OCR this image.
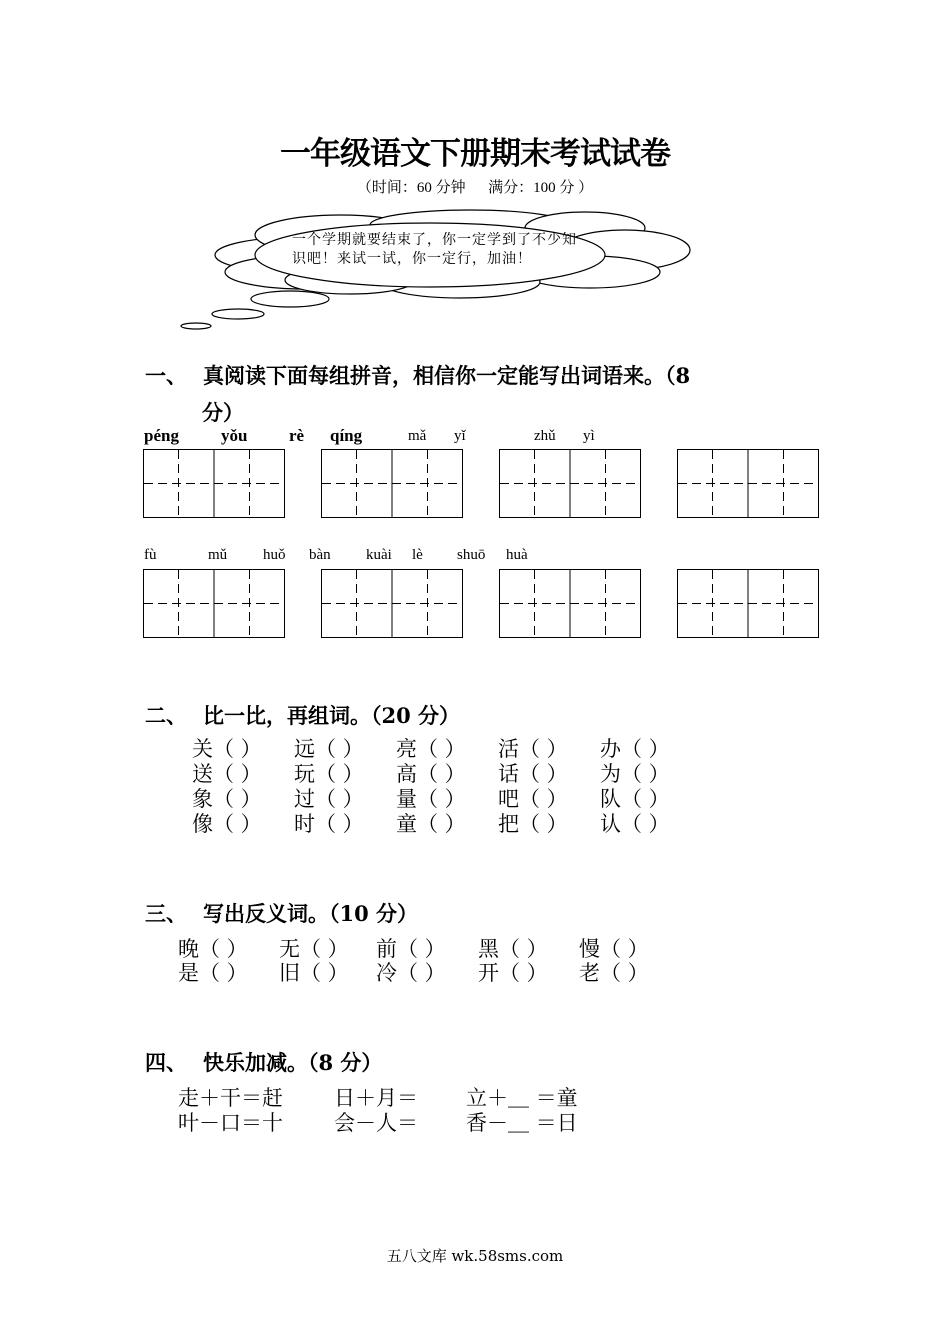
一年级语文下册期末考试试卷
（时间：60 分钟      满分：100 分 ）
一个学期就要结束了，你一定学到了不少知识吧！来试一试，你一定行，加油！
一、 真阅读下面每组拼音，相信你一定能写出词语来。（8
分）
péng yǒu rè qíng	mǎ yǐ	zhǔ yì
fù	mǔ huǒ bàn kuài lè shuō huà
二、 比一比，再组词。（20 分）
关（ ） 远（ ） 亮（ ） 活（ ） 办（ ）
送（ ） 玩（ ） 高（ ） 话（ ） 为（ ）
象（ ） 过（ ） 量（ ） 吧（ ） 队（ ）
像（ ） 时（ ） 童（ ） 把（ ） 认（ ）
三、 写出反义词。（10 分）
晚（ ） 无（ ） 前（ ） 黑（ ） 慢（ ）
是（ ） 旧（ ） 冷（ ） 开（ ） 老（ ）
四、 快乐加减。（8 分）
走＋干＝赶 日＋月＝ 立＋＿ ＝童
叶－口＝十 会－人＝ 香－＿ ＝日
五八文库 wk.58sms.com
